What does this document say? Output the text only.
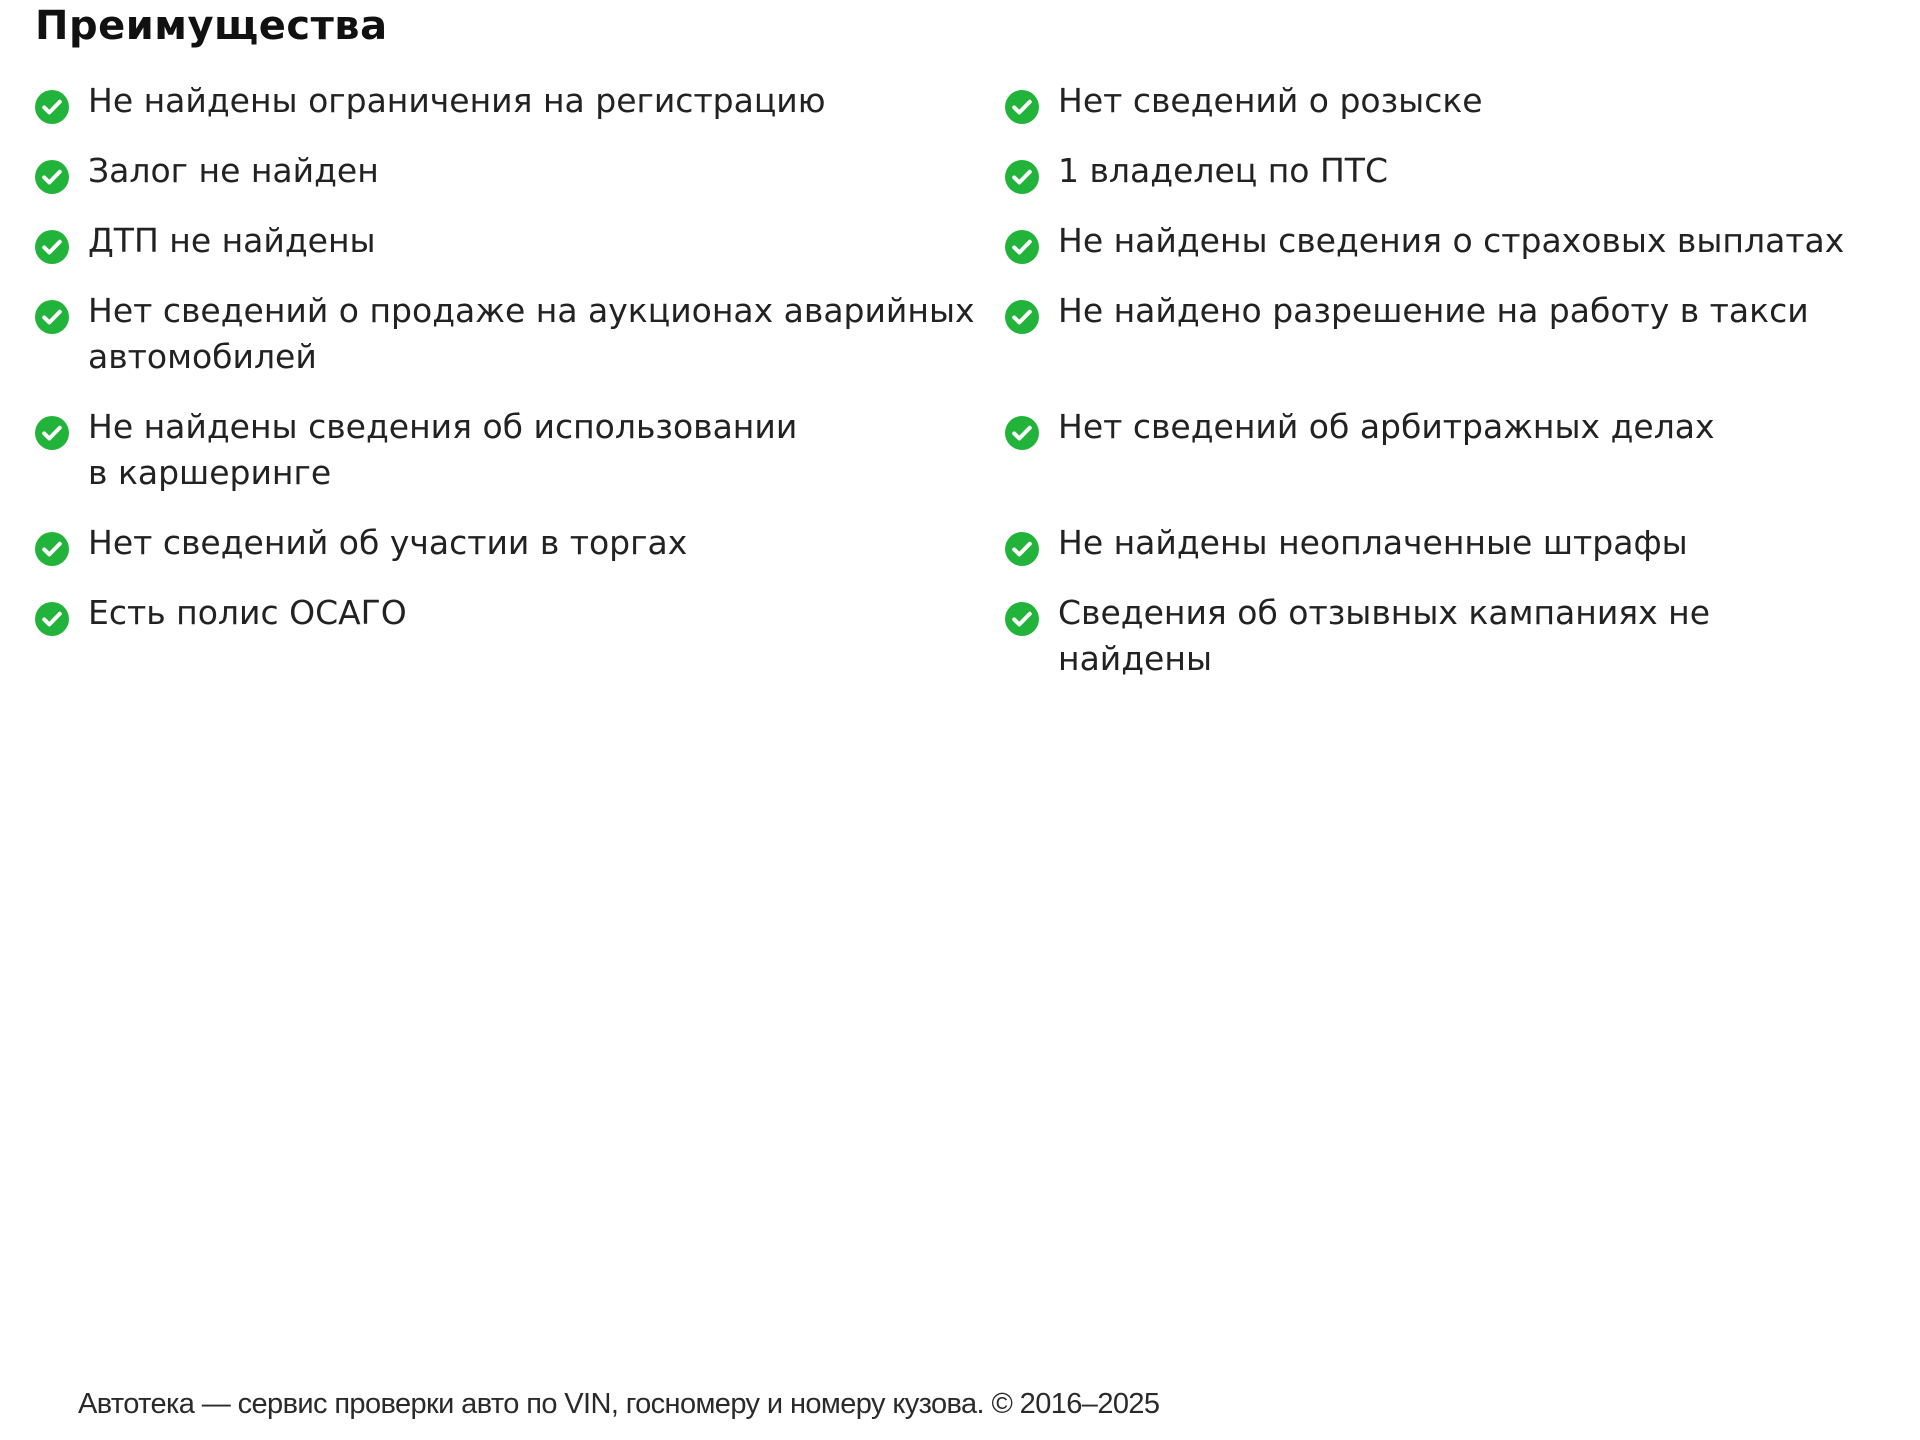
Преимущества
Не найдены ограничения на регистрацию	Нет сведений о розыске
Залог не найден	1 владелец по ПТС
ДТП не найдены	Не найдены сведения о страховых выплатах
Нет сведений о продаже на аукционах аварийных автомобилей
Не найдено разрешение на работу в такси
Не найдены сведения об использовании
в каршеринге
Нет сведений об арбитражных делах
Нет сведений об участии в торгах	Не найдены неоплаченные штрафы
Есть полис ОСАГО	Сведения об отзывных кампаниях не найдены
Автотека — сервис проверки авто по VIN, госномеру и номеру кузова. © 2016–2025
